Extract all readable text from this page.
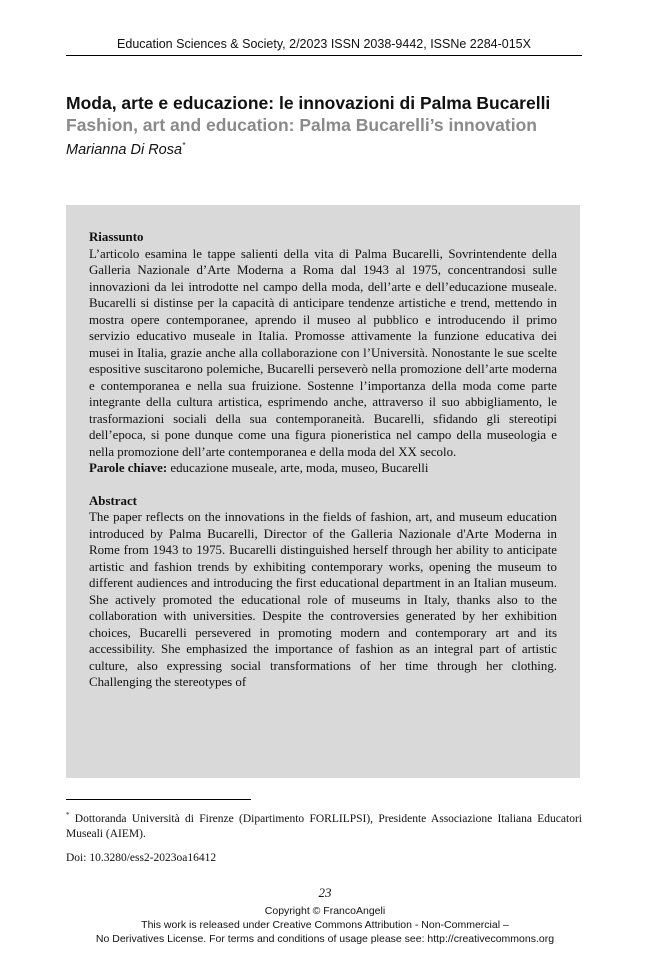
Education Sciences & Society, 2/2023 ISSN 2038-9442, ISSNe 2284-015X
Moda, arte e educazione: le innovazioni di Palma Bucarelli
Fashion, art and education: Palma Bucarelli’s innovation
Marianna Di Rosa*

Riassunto

L’articolo esamina le tappe salienti della vita di Palma Bucarelli, Sovrintendente della Galleria Nazionale d’Arte Moderna a Roma dal 1943 al 1975, concentrandosi sulle innovazioni da lei introdotte nel campo della moda, dell’arte e dell’educazione museale. Bucarelli si distinse per la capacità di anticipare tendenze artistiche e trend, mettendo in mostra opere contemporanee, aprendo il museo al pubblico e introducendo il primo servizio educativo museale in Italia. Promosse attivamente la funzione educativa dei musei in Italia, grazie anche alla collaborazione con l’Università. Nonostante le sue scelte espositive suscitarono polemiche, Bucarelli perseverò nella promozione dell’arte moderna e contemporanea e nella sua fruizione. Sostenne l’importanza della moda come parte integrante della cultura artistica, esprimendo anche, attraverso il suo abbigliamento, le trasformazioni sociali della sua contemporaneità. Bucarelli, sfidando gli stereotipi dell’epoca, si pone dunque come una figura pioneristica nel campo della museologia e nella promozione dell’arte contemporanea e della moda del XX secolo.

Parole chiave: educazione museale, arte, moda, museo, Bucarelli

Abstract

The paper reflects on the innovations in the fields of fashion, art, and museum education introduced by Palma Bucarelli, Director of the Galleria Nazionale d'Arte Moderna in Rome from 1943 to 1975. Bucarelli distinguished herself through her ability to anticipate artistic and fashion trends by exhibiting contemporary works, opening the museum to different audiences and introducing the first educational department in an Italian museum. She actively promoted the educational role of museums in Italy, thanks also to the collaboration with universities. Despite the controversies generated by her exhibition choices, Bucarelli persevered in promoting modern and contemporary art and its accessibility. She emphasized the importance of fashion as an integral part of artistic culture, also expressing social transformations of her time through her clothing. Challenging the stereotypes of

* Dottoranda Università di Firenze (Dipartimento FORLILPSI), Presidente Associazione Italiana Educatori Museali (AIEM).
Doi: 10.3280/ess2-2023oa16412
23
Copyright © FrancoAngeli
This work is released under Creative Commons Attribution - Non-Commercial –
No Derivatives License. For terms and conditions of usage please see: http://creativecommons.org
